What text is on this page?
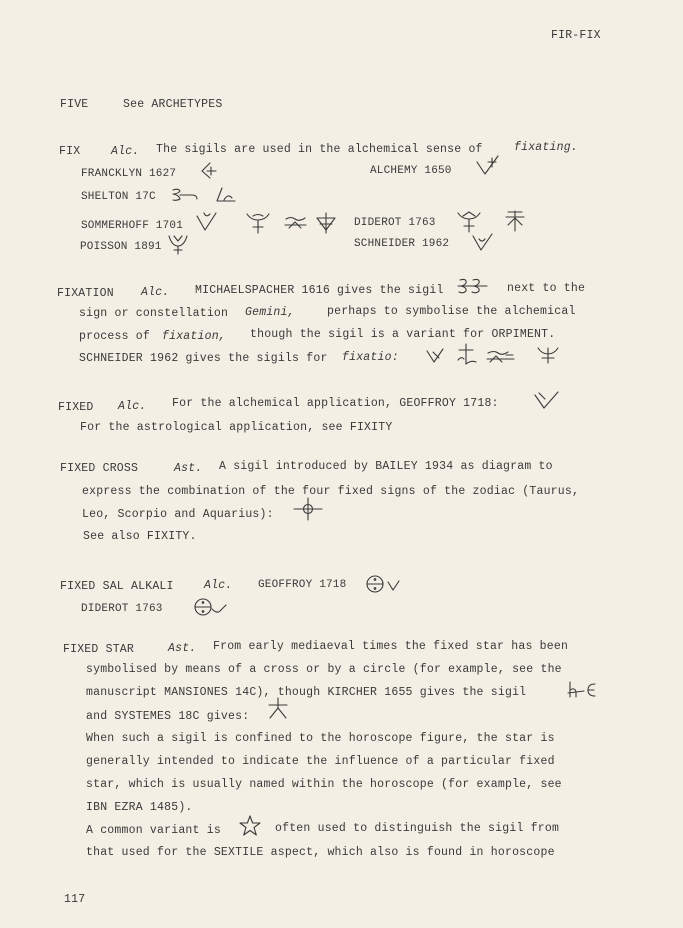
FIR-FIX
FIVE	See ARCHETYPES
FIX	Alc. The sigils are used in the alchemical sense of	fixating.
FRANCKLYN 1627	ALCHEMY 1650
SHELTON 17C
SOMMERHOFF 1701	DIDEROT 1763
POISSON 1891	SCHNEIDER 1962
FIXATION Alc. MICHAELSPACHER 1616 gives the sigil	next to the
sign or constellation Gemini,	perhaps to symbolise the alchemical
process of fixation, though the sigil is a variant for ORPIMENT.
SCHNEIDER 1962 gives the sigils for fixatio:
FIXED Alc. For the alchemical application, GEOFFROY 1718:
For the astrological application, see FIXITY
FIXED CROSS	Ast. A sigil introduced by BAILEY 1934 as diagram to
express the combination of the four fixed signs of the zodiac (Taurus,
Leo, Scorpio and Aquarius):
See also FIXITY.
FIXED SAL ALKALI	Alc. GEOFFROY 1718
DIDEROT 1763
FIXED STAR	Ast. From early mediaeval times the fixed star has been
symbolised by means of a cross or by a circle (for example, see the
manuscript MANSIONES 14C), though KIRCHER 1655 gives the sigil
and SYSTEMES 18C gives:
When such a sigil is confined to the horoscope figure, the star is
generally intended to indicate the influence of a particular fixed
star, which is usually named within the horoscope (for example, see
IBN EZRA 1485).
A common variant is	often used to distinguish the sigil from
that used for the SEXTILE aspect, which also is found in horoscope
117
